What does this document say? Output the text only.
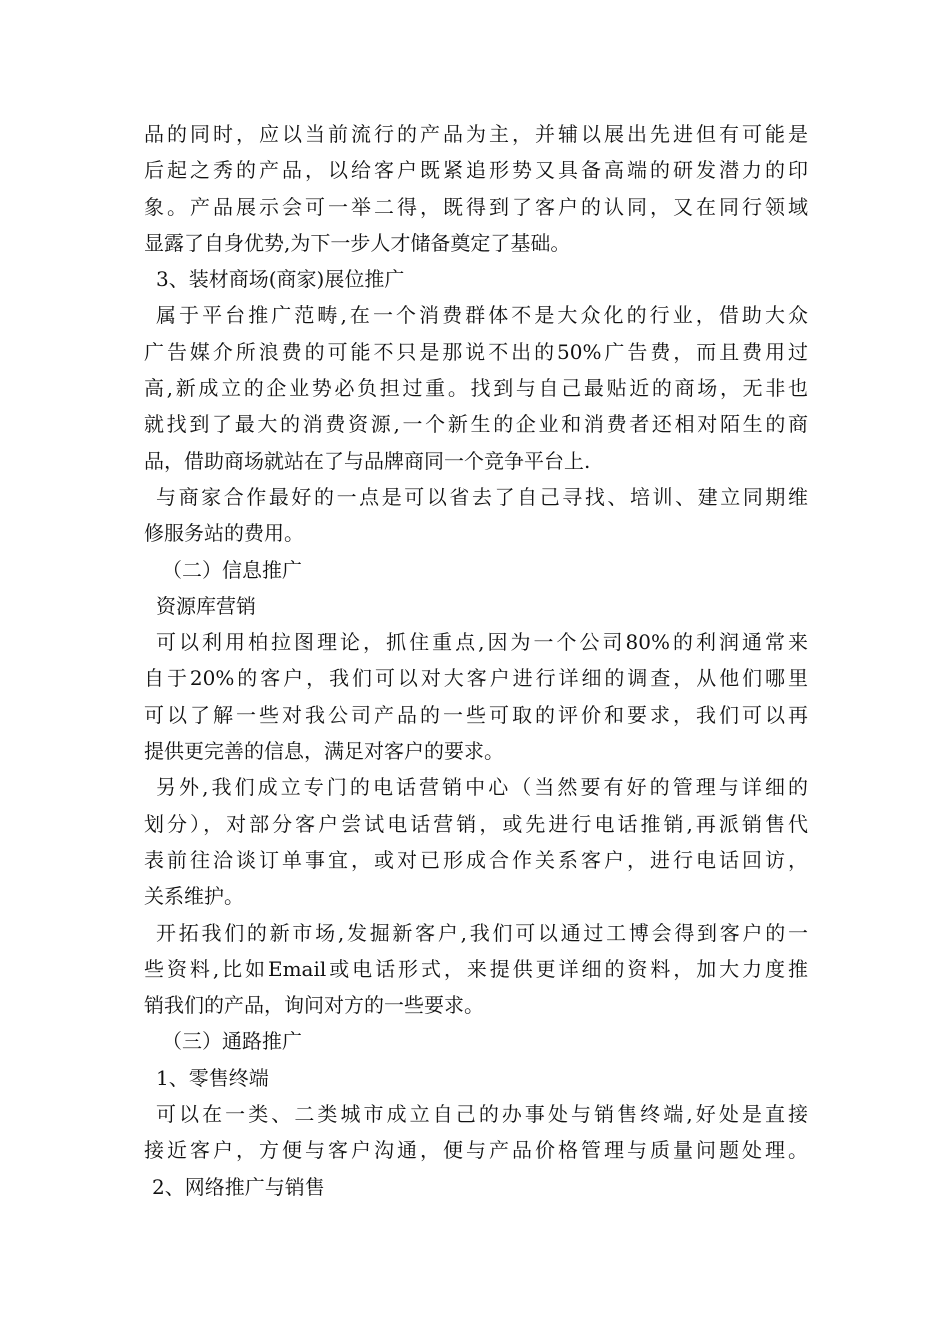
品的同时，应以当前流行的产品为主，并辅以展出先进但有可能是
后起之秀的产品，以给客户既紧追形势又具备高端的研发潜力的印
象。产品展示会可一举二得，既得到了客户的认同，又在同行领域
显露了自身优势,为下一步人才储备奠定了基础。
3、装材商场(商家)展位推广
属于平台推广范畴,在一个消费群体不是大众化的行业，借助大众
广告媒介所浪费的可能不只是那说不出的50%广告费，而且费用过
高,新成立的企业势必负担过重。找到与自己最贴近的商场，无非也
就找到了最大的消费资源,一个新生的企业和消费者还相对陌生的商
品，借助商场就站在了与品牌商同一个竞争平台上.
与商家合作最好的一点是可以省去了自己寻找、培训、建立同期维
修服务站的费用。
（二）信息推广
资源库营销
可以利用柏拉图理论，抓住重点,因为一个公司80%的利润通常来
自于20%的客户，我们可以对大客户进行详细的调查，从他们哪里
可以了解一些对我公司产品的一些可取的评价和要求，我们可以再
提供更完善的信息，满足对客户的要求。
另外,我们成立专门的电话营销中心（当然要有好的管理与详细的
划分），对部分客户尝试电话营销，或先进行电话推销,再派销售代
表前往洽谈订单事宜，或对已形成合作关系客户，进行电话回访，
关系维护。
开拓我们的新市场,发掘新客户,我们可以通过工博会得到客户的一
些资料,比如Email或电话形式，来提供更详细的资料，加大力度推
销我们的产品，询问对方的一些要求。
（三）通路推广
1、零售终端
可以在一类、二类城市成立自己的办事处与销售终端,好处是直接
接近客户，方便与客户沟通，便与产品价格管理与质量问题处理。
2、网络推广与销售
